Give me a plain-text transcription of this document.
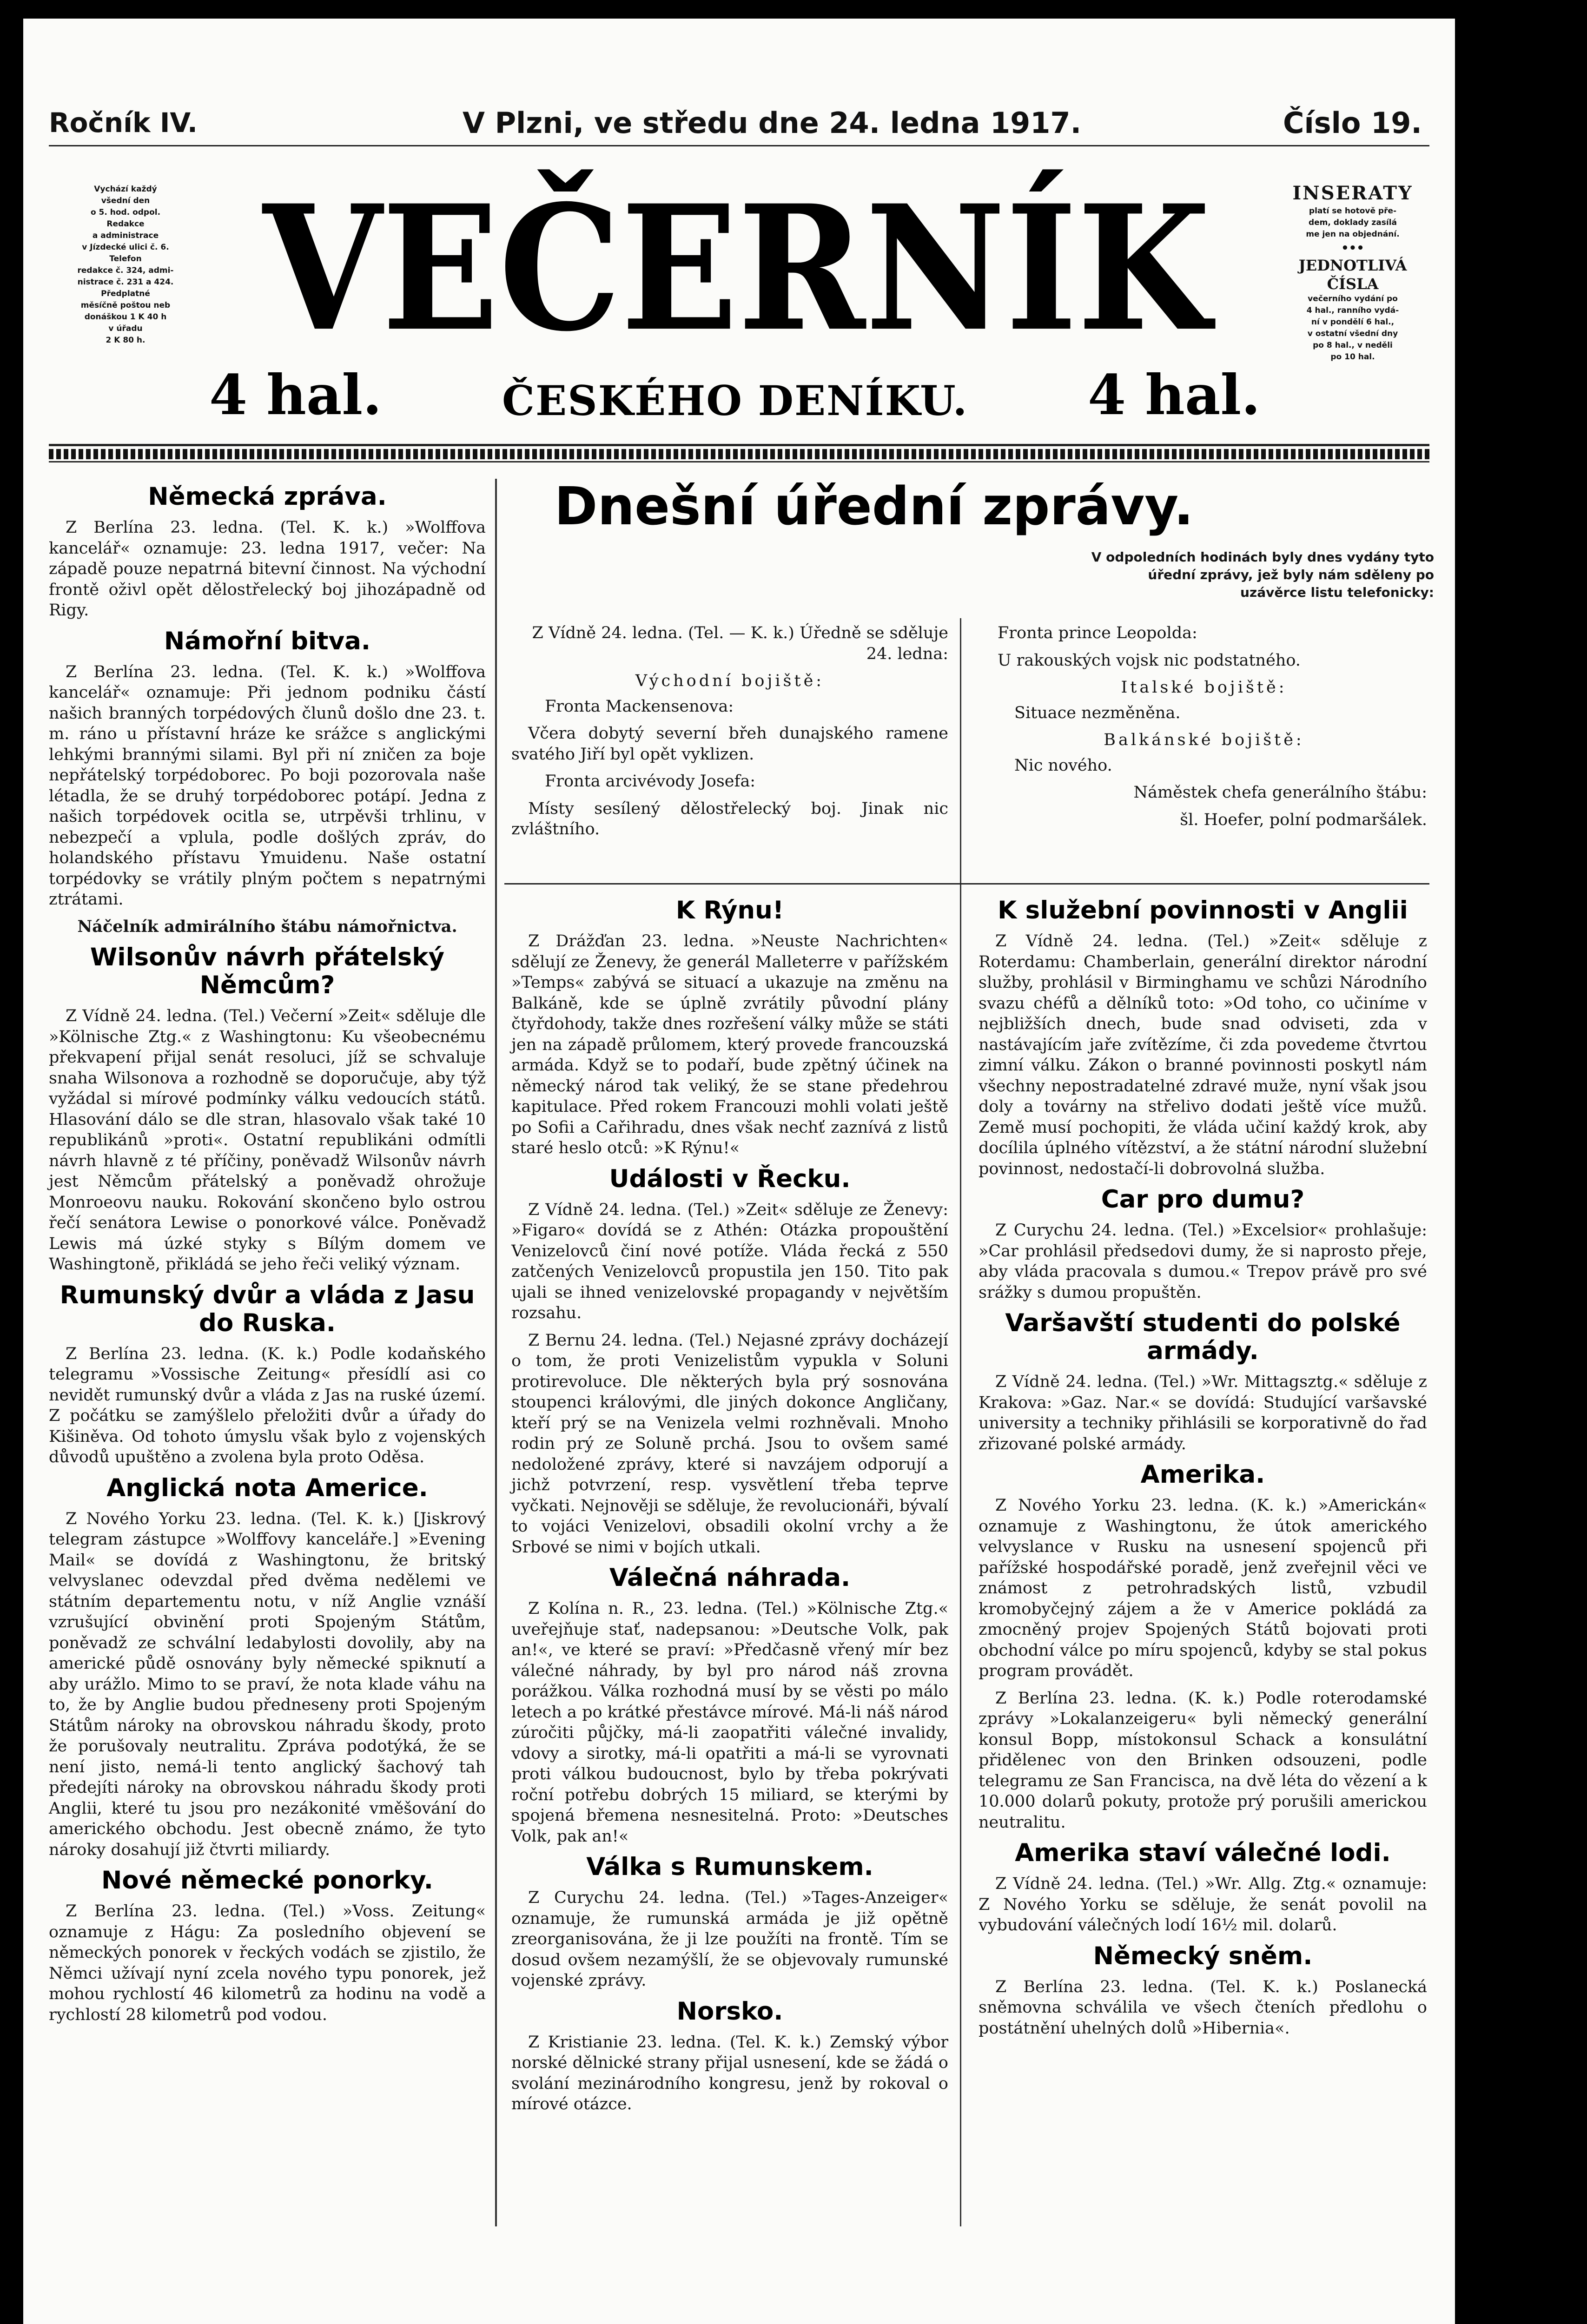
Ročník IV.	V Plzni, ve středu dne 24. ledna 1917.	Číslo 19.
Vychází každý
všední den
o 5. hod. odpol.
Redakce
a administrace
v Jízdecké ulici č. 6.
Telefon
redakce č. 324, admi-
nistrace č. 231 a 424.
Předplatné
měsíčně poštou neb
donáškou 1 K 40 h
v úřadu
2 K 80 h. VEČERNÍK
4 hal.	ČESKÉHO DENÍKU. 4 hal.
INSERATY
platí se hotově pře-
dem, doklady zasílá
me jen na objednání.
•••
JEDNOTLIVÁ ČÍSLA
večerního vydání po
4 hal., ranního vydá-
ní v pondělí 6 hal.,
v ostatní všední dny
po 8 hal., v neděli
po 10 hal.
Německá zpráva.

Z Berlína 23. ledna. (Tel. K. k.) »Wolffova kancelář« oznamuje: 23. ledna 1917, večer: Na západě pouze nepatrná bitevní činnost. Na východní frontě oživl opět dělostřelecký boj jihozápadně od Rigy.

Námořní bitva.

Z Berlína 23. ledna. (Tel. K. k.) »Wolffova kancelář« oznamuje: Při jednom podniku částí našich branných torpédových člunů došlo dne 23. t. m. ráno u přístavní hráze ke srážce s anglickými lehkými brannými silami. Byl při ní zničen za boje nepřátelský torpédoborec. Po boji pozorovala naše létadla, že se druhý torpédoborec potápí. Jedna z našich torpédovek ocitla se, utrpěvši trhlinu, v nebezpečí a vplula, podle došlých zpráv, do holandského přístavu Ymuidenu. Naše ostatní torpédovky se vrátily plným počtem s nepatrnými ztrátami.

Náčelník admirálního štábu námořnictva.

Wilsonův návrh přátelský Němcům?

Z Vídně 24. ledna. (Tel.) Večerní »Zeit« sděluje dle »Kölnische Ztg.« z Washingtonu: Ku všeobecnému překvapení přijal senát resoluci, jíž se schvaluje snaha Wilsonova a rozhodně se doporučuje, aby týž vyžádal si mírové podmínky válku vedoucích států. Hlasování dálo se dle stran, hlasovalo však také 10 republikánů »proti«. Ostatní republikáni odmítli návrh hlavně z té příčiny, poněvadž Wilsonův návrh jest Němcům přátelský a poněvadž ohrožuje Monroeovu nauku. Rokování skončeno bylo ostrou řečí senátora Lewise o ponorkové válce. Poněvadž Lewis má úzké styky s Bílým domem ve Washingtoně, přikládá se jeho řeči veliký význam.

Rumunský dvůr a vláda z Jasu do Ruska.

Z Berlína 23. ledna. (K. k.) Podle kodaňského telegramu »Vossische Zeitung« přesídlí asi co nevidět rumunský dvůr a vláda z Jas na ruské území. Z počátku se zamýšlelo přeložiti dvůr a úřady do Kišiněva. Od tohoto úmyslu však bylo z vojenských důvodů upuštěno a zvolena byla proto Oděsa.

Anglická nota Americe.

Z Nového Yorku 23. ledna. (Tel. K. k.) [Jiskrový telegram zástupce »Wolffovy kanceláře.] »Evening Mail« se dovídá z Washingtonu, že britský velvyslanec odevzdal před dvěma nedělemi ve státním departementu notu, v níž Anglie vznáší vzrušující obvinění proti Spojeným Státům, poněvadž ze schvální ledabylosti dovolily, aby na americké půdě osnovány byly německé spiknutí a aby urážlo. Mimo to se praví, že nota klade váhu na to, že by Anglie budou předneseny proti Spojeným Státům nároky na obrovskou náhradu škody, proto že porušovaly neutralitu. Zpráva podotýká, že se není jisto, nemá-li tento anglický šachový tah předejíti nároky na obrovskou náhradu škody proti Anglii, které tu jsou pro nezákonité vměšování do amerického obchodu. Jest obecně známo, že tyto nároky dosahují již čtvrti miliardy.

Nové německé ponorky.

Z Berlína 23. ledna. (Tel.) »Voss. Zeitung« oznamuje z Hágu: Za posledního objevení se německých ponorek v řeckých vodách se zjistilo, že Němci užívají nyní zcela nového typu ponorek, jež mohou rychlostí 46 kilometrů za hodinu na vodě a rychlostí 28 kilometrů pod vodou.

Dnešní úřední zprávy.
V odpoledních hodinách byly dnes vydány tyto úřední zprávy, jež byly nám sděleny po uzávěrce listu telefonicky:

Z Vídně 24. ledna. (Tel. — K. k.) Úředně se sděluje 24. ledna:

Východní bojiště:

Fronta Mackensenova:

Včera dobytý severní břeh dunajského ramene svatého Jiří byl opět vyklizen.

Fronta arcivévody Josefa:

Místy sesílený dělostřelecký boj. Jinak nic zvláštního.

Fronta prince Leopolda:

U rakouských vojsk nic podstatného.

Italské bojiště:

Situace nezměněna.

Balkánské bojiště:

Nic nového.

Náměstek chefa generálního štábu:

šl. Hoefer, polní podmaršálek.

K Rýnu!

Z Drážďan 23. ledna. »Neuste Nachrichten« sdělují ze Ženevy, že generál Malleterre v pařížském »Temps« zabývá se situací a ukazuje na změnu na Balkáně, kde se úplně zvrátily původní plány čtyřdohody, takže dnes rozřešení války může se státi jen na západě průlomem, který provede francouzská armáda. Když se to podaří, bude zpětný účinek na německý národ tak veliký, že se stane předehrou kapitulace. Před rokem Francouzi mohli volati ještě po Sofii a Cařihradu, dnes však nechť zaznívá z listů staré heslo otců: »K Rýnu!«

Události v Řecku.

Z Vídně 24. ledna. (Tel.) »Zeit« sděluje ze Ženevy: »Figaro« dovídá se z Athén: Otázka propouštění Venizelovců činí nové potíže. Vláda řecká z 550 zatčených Venizelovců propustila jen 150. Tito pak ujali se ihned venizelovské propagandy v největším rozsahu.

Z Bernu 24. ledna. (Tel.) Nejasné zprávy docházejí o tom, že proti Venizelistům vypukla v Soluni protirevoluce. Dle některých byla prý sosnována stoupenci královými, dle jiných dokonce Angličany, kteří prý se na Venizela velmi rozhněvali. Mnoho rodin prý ze Soluně prchá. Jsou to ovšem samé nedoložené zprávy, které si navzájem odporují a jichž potvrzení, resp. vysvětlení třeba teprve vyčkati. Nejnověji se sděluje, že revolucionáři, bývalí to vojáci Venizelovi, obsadili okolní vrchy a že Srbové se nimi v bojích utkali.

Válečná náhrada.

Z Kolína n. R., 23. ledna. (Tel.) »Kölnische Ztg.« uveřejňuje stať, nadepsanou: »Deutsche Volk, pak an!«, ve které se praví: »Předčasně vřený mír bez válečné náhrady, by byl pro národ náš zrovna porážkou. Válka rozhodná musí by se věsti po málo letech a po krátké přestávce mírové. Má-li náš národ zúročiti půjčky, má-li zaopatřiti válečné invalidy, vdovy a sirotky, má-li opatřiti a má-li se vyrovnati proti válkou budoucnost, bylo by třeba pokrývati roční potřebu dobrých 15 miliard, se kterými by spojená břemena nesnesitelná. Proto: »Deutsches Volk, pak an!«

Válka s Rumunskem.

Z Curychu 24. ledna. (Tel.) »Tages-Anzeiger« oznamuje, že rumunská armáda je již opětně zreorganisována, že ji lze použíti na frontě. Tím se dosud ovšem nezamýšlí, že se objevovaly rumunské vojenské zprávy.

Norsko.

Z Kristianie 23. ledna. (Tel. K. k.) Zemský výbor norské dělnické strany přijal usnesení, kde se žádá o svolání mezinárodního kongresu, jenž by rokoval o mírové otázce.

K služební povinnosti v Anglii

Z Vídně 24. ledna. (Tel.) »Zeit« sděluje z Roterdamu: Chamberlain, generální direktor národní služby, prohlásil v Birminghamu ve schůzi Národního svazu chéfů a dělníků toto: »Od toho, co učiníme v nejbližších dnech, bude snad odviseti, zda v nastávajícím jaře zvítězíme, či zda povedeme čtvrtou zimní válku. Zákon o branné povinnosti poskytl nám všechny nepostradatelné zdravé muže, nyní však jsou doly a továrny na střelivo dodati ještě více mužů. Země musí pochopiti, že vláda učiní každý krok, aby docílila úplného vítězství, a že státní národní služební povinnost, nedostačí-li dobrovolná služba.

Car pro dumu?

Z Curychu 24. ledna. (Tel.) »Excelsior« prohlašuje: »Car prohlásil předsedovi dumy, že si naprosto přeje, aby vláda pracovala s dumou.« Trepov právě pro své srážky s dumou propuštěn.

Varšavští studenti do polské armády.

Z Vídně 24. ledna. (Tel.) »Wr. Mittagsztg.« sděluje z Krakova: »Gaz. Nar.« se dovídá: Studující varšavské university a techniky přihlásili se korporativně do řad zřizované polské armády.

Amerika.

Z Nového Yorku 23. ledna. (K. k.) »Americkán« oznamuje z Washingtonu, že útok amerického velvyslance v Rusku na usnesení spojenců při pařížské hospodářské poradě, jenž zveřejnil věci ve známost z petrohradských listů, vzbudil kromobyčejný zájem a že v Americe pokládá za zmocněný projev Spojených Států bojovati proti obchodní válce po míru spojenců, kdyby se stal pokus program provádět.

Z Berlína 23. ledna. (K. k.) Podle roterodamské zprávy »Lokalanzeigeru« byli německý generální konsul Bopp, místokonsul Schack a konsulátní přidělenec von den Brinken odsouzeni, podle telegramu ze San Francisca, na dvě léta do vězení a k 10.000 dolarů pokuty, protože prý porušili americkou neutralitu.

Amerika staví válečné lodi.

Z Vídně 24. ledna. (Tel.) »Wr. Allg. Ztg.« oznamuje: Z Nového Yorku se sděluje, že senát povolil na vybudování válečných lodí 16½ mil. dolarů.

Německý sněm.

Z Berlína 23. ledna. (Tel. K. k.) Poslanecká sněmovna schválila ve všech čteních předlohu o postátnění uhelných dolů »Hibernia«.
